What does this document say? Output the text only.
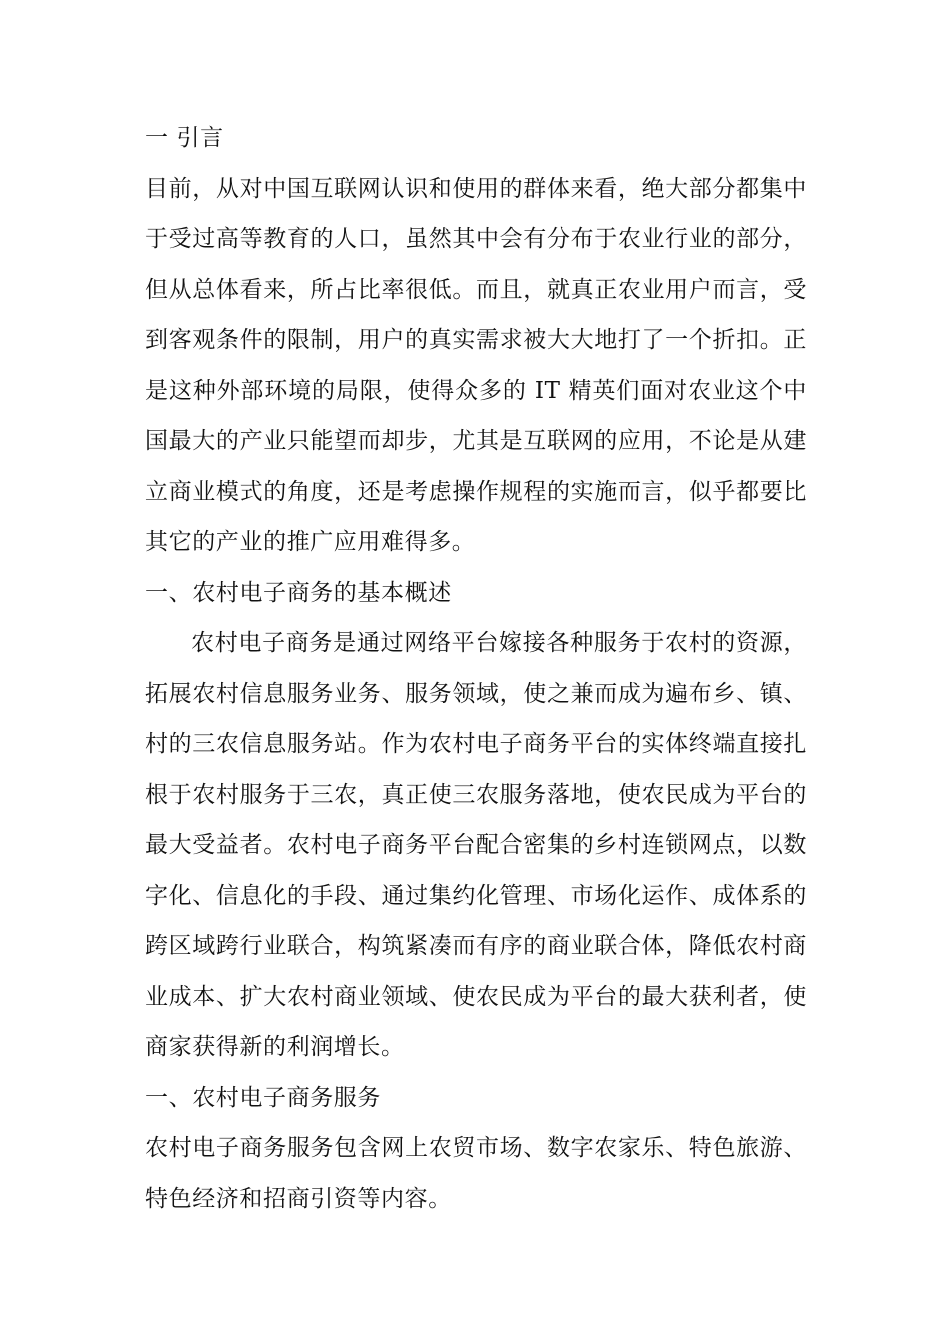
一 引言

目前，从对中国互联网认识和使用的群体来看，绝大部分都集中于受过高等教育的人口，虽然其中会有分布于农业行业的部分，但从总体看来，所占比率很低。而且，就真正农业用户而言，受 到客观条件的限制，用户的真实需求被大大地打了一个折扣。正是这种外部环境的局限，使得众多的 IT 精英们面对农业这个中国最大的产业只能望而却步，尤其是互联网的应用，不论是从建立商业模式的角度，还是考虑操作规程的实施而言，似乎都要比其它的产业的推广应用难得多。

一、农村电子商务的基本概述

农村电子商务是通过网络平台嫁接各种服务于农村的资源，拓展农村信息服务业务、服务领域，使之兼而成为遍布乡、镇、村的三农信息服务站。作为农村电子商务平台的实体终端直接扎根于农村服务于三农，真正使三农服务落地，使农民成为平台的最大受益者。农村电子商务平台配合密集的乡村连锁网点，以数字化、信息化的手段、通过集约化管理、市场化运作、成体系的跨区域跨行业联合，构筑紧凑而有序的商业联合体，降低农村商业成本、扩大农村商业领域、使农民成为平台的最大获利者，使商家获得新的利润增长。

一、农村电子商务服务

农村电子商务服务包含网上农贸市场、数字农家乐、特色旅游、特色经济和招商引资等内容。
